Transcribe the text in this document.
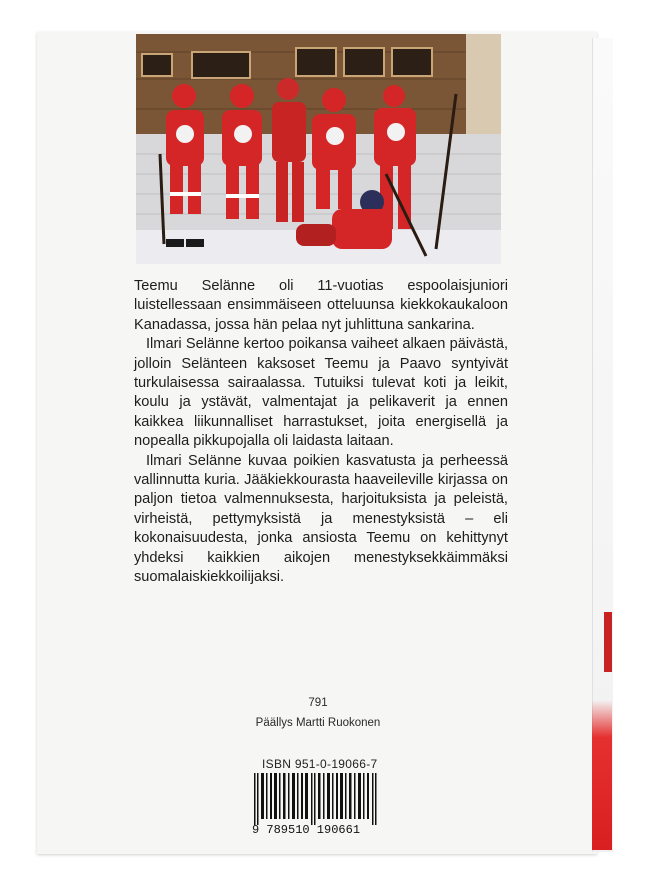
Teemu Selänne oli 11-vuotias espoolaisjuniori luistellessaan ensimmäiseen otteluunsa kiekkokaukaloon Kanadassa, jossa hän pelaa nyt juhlittuna sankarina.

Ilmari Selänne kertoo poikansa vaiheet alkaen päivästä, jolloin Selänteen kaksoset Teemu ja Paavo syntyivät turkulaisessa sairaalassa. Tutuiksi tulevat koti ja leikit, koulu ja ystävät, valmentajat ja pelikaverit ja ennen kaikkea liikunnalliset harrastukset, joita energisellä ja nopealla pikkupojalla oli laidasta laitaan.

Ilmari Selänne kuvaa poikien kasvatusta ja perheessä vallinnutta kuria. Jääkiekkourasta haaveileville kirjassa on paljon tietoa valmennuksesta, harjoituksista ja peleistä, virheistä, pettymyksistä ja menestyksistä – eli kokonaisuudesta, jonka ansiosta Teemu on kehittynyt yhdeksi kaikkien aikojen menestyksekkäimmäksi suomalaiskiekkoilijaksi.

791
Päällys Martti Ruokonen
ISBN 951-0-19066-7
9 789510 190661
